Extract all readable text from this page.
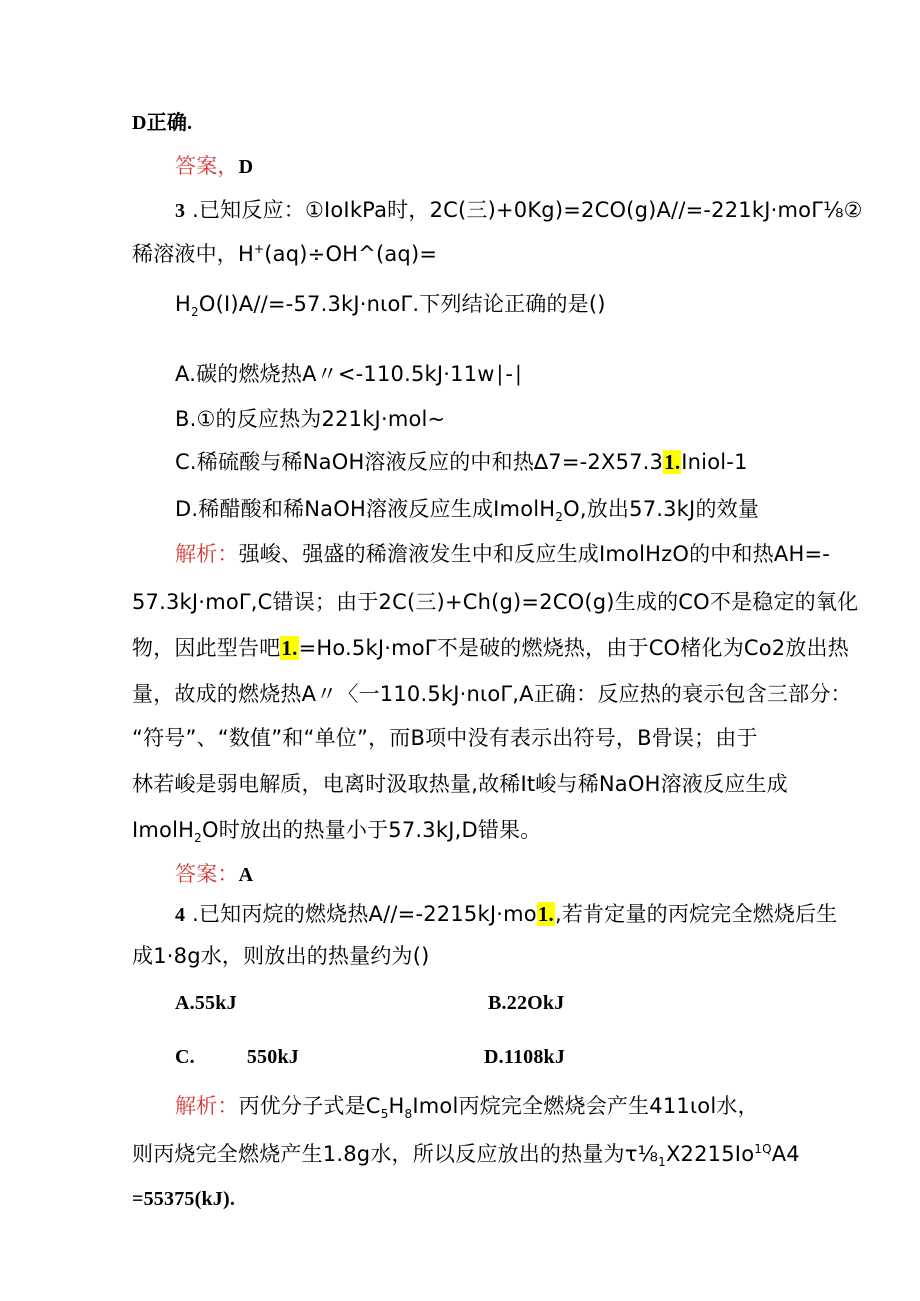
D正确.
答案，D
3 .已知反应：①IoIkPa时，2C(三)+0Kg)=2CO(g)A//=-221kJ·moΓ⅛②
稀溶液中，H+(aq)÷OH^(aq)=
$H_2O(I)A//=-57.3kJ\cdot n\iota o\Gamma$.下列结论正确的是()
A.碳的燃烧热A〃<-110.5kJ·11w∣-∣
B.①的反应热为221kJ·mol~
C.稀硫酸与稀NaOH溶液反应的中和热∆7=-2X57.31.Iniol-1
D.稀醋酸和稀NaOH溶液反应生成ImolH$_2$O,放出57.3kJ的效量
解析：强峻、强盛的稀澹液发生中和反应生成ImolHzO的中和热AH=-
57.3kJ·moΓ,C错误；由于2C(三)+Ch(g)=2CO(g)生成的CO不是稳定的氧化
物，因此型告吧1.=Ho.5kJ·moΓ不是破的燃烧热，由于CO楮化为Co2放出热
量，故成的燃烧热A〃〈一110.5kJ·nιoΓ,A正确：反应热的衰示包含三部分：
“符号”、“数值”和“单位”，而B项中没有表示出符号，B骨误；由于
林若峻是弱电解质，电离时汲取热量,故稀It峻与稀NaOH溶液反应生成
ImolH$_2$O时放出的热量小于57.3kJ,D错果。
答案：A
4 .已知丙烷的燃烧热A//=-2215kJ·mo1.,若肯定量的丙烷完全燃烧后生
成1·8g水，则放出的热量约为()
A.55kJ	B.22OkJ
C.	550kJ	D.1108kJ
解析：丙优分子式是$C_5H_8Imol$丙烷完全燃烧会产生411ιol水，
则丙烧完全燃烧产生1.8g水，所以反应放出的热量为$\tau\frac{1}{8}_1X2215Io^{1Q}A4$
=55375(kJ).
